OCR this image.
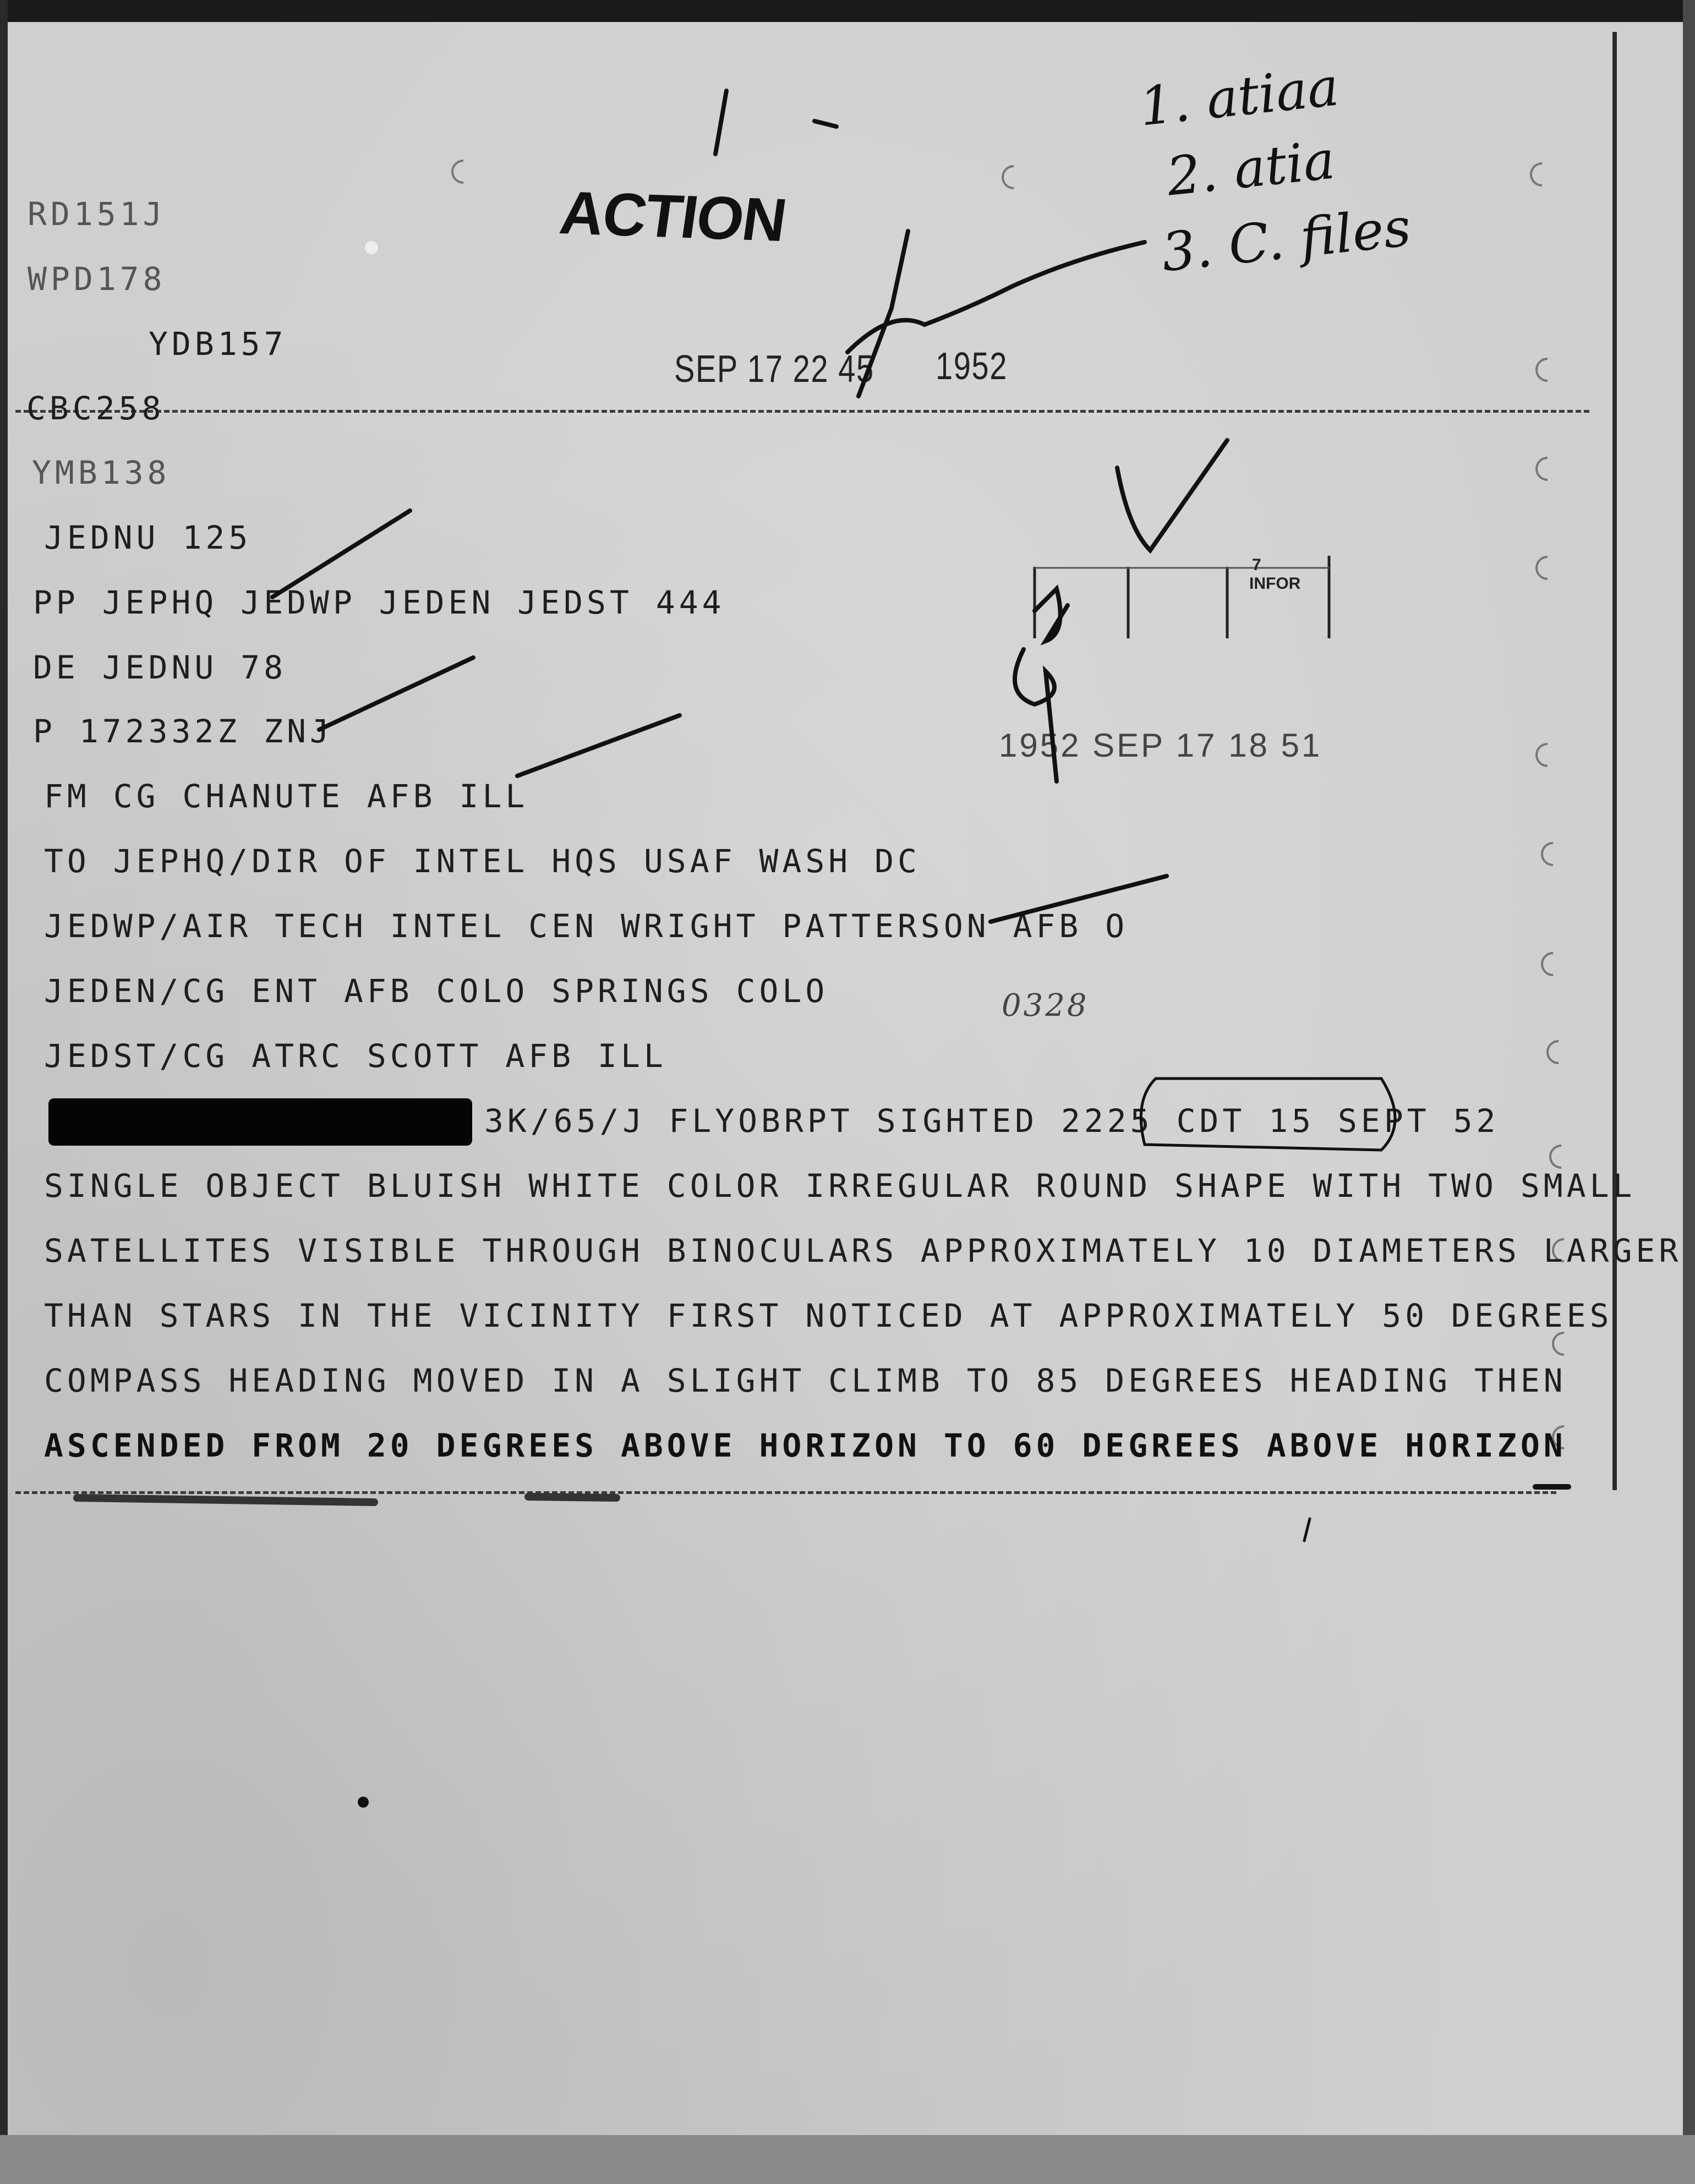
RD151J
WPD178
YDB157
CBC258
YMB138
ACTION
SEP 17 22 45 1952
1952 SEP 17 18 51
0328
7
INFOR
1. atiaa
2. atia
3. C. files
JEDNU 125
PP JEPHQ JEDWP JEDEN JEDST 444
DE JEDNU 78
P 172332Z ZNJ
FM CG CHANUTE AFB ILL
TO JEPHQ/DIR OF INTEL HQS USAF WASH DC
JEDWP/AIR TECH INTEL CEN WRIGHT PATTERSON AFB O
JEDEN/CG ENT AFB COLO SPRINGS COLO
JEDST/CG ATRC SCOTT AFB ILL
3K/65/J FLYOBRPT SIGHTED 2225 CDT 15 SEPT 52
SINGLE OBJECT BLUISH WHITE COLOR IRREGULAR ROUND SHAPE WITH TWO SMALL
SATELLITES VISIBLE THROUGH BINOCULARS APPROXIMATELY 10 DIAMETERS LARGER
THAN STARS IN THE VICINITY FIRST NOTICED AT APPROXIMATELY 50 DEGREES
COMPASS HEADING MOVED IN A SLIGHT CLIMB TO 85 DEGREES HEADING THEN
ASCENDED FROM 20 DEGREES ABOVE HORIZON TO 60 DEGREES ABOVE HORIZON
